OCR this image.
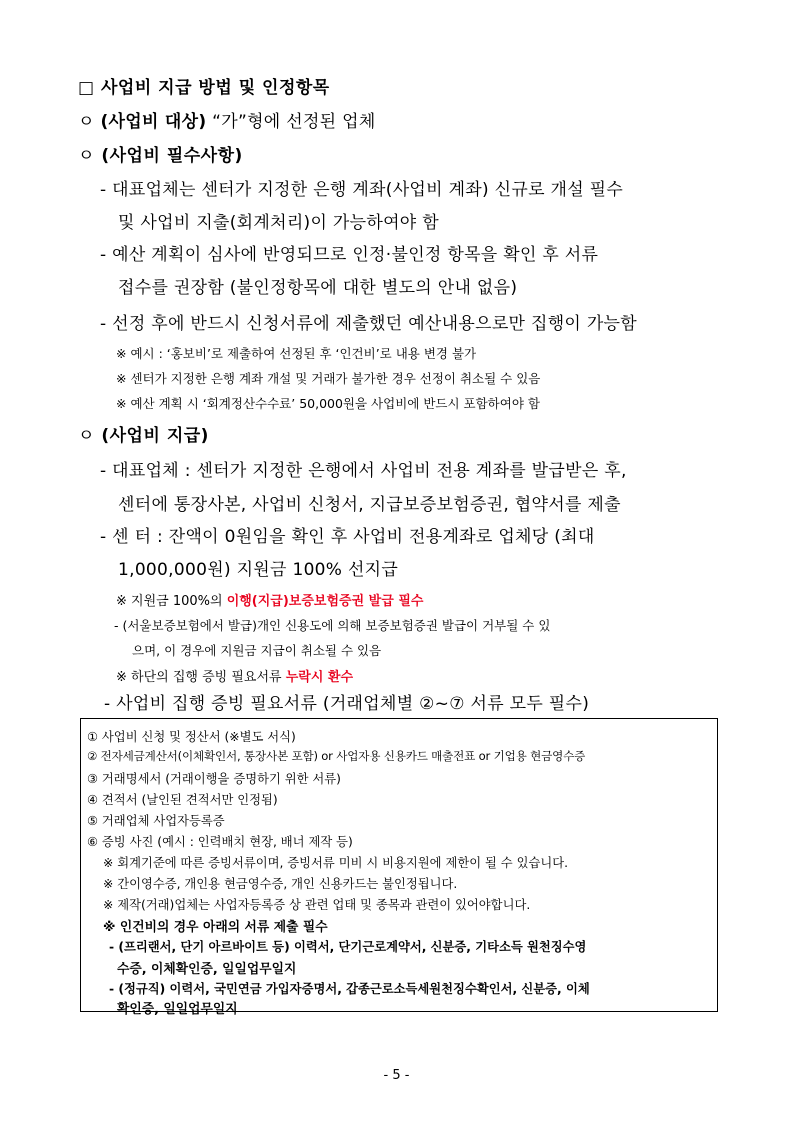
□ 사업비 지급 방법 및 인정항목
ㅇ (사업비 대상) “가”형에 선정된 업체
ㅇ (사업비 필수사항)
- 대표업체는 센터가 지정한 은행 계좌(사업비 계좌) 신규로 개설 필수
및 사업비 지출(회계처리)이 가능하여야 함
- 예산 계획이 심사에 반영되므로 인정·불인정 항목을 확인 후 서류
접수를 권장함 (불인정항목에 대한 별도의 안내 없음)
- 선정 후에 반드시 신청서류에 제출했던 예산내용으로만 집행이 가능함
※ 예시 : ‘홍보비’로 제출하여 선정된 후 ‘인건비’로 내용 변경 불가
※ 센터가 지정한 은행 계좌 개설 및 거래가 불가한 경우 선정이 취소될 수 있음
※ 예산 계획 시 ‘회계정산수수료’ 50,000원을 사업비에 반드시 포함하여야 함
ㅇ (사업비 지급)
- 대표업체 : 센터가 지정한 은행에서 사업비 전용 계좌를 발급받은 후,
센터에 통장사본, 사업비 신청서, 지급보증보험증권, 협약서를 제출
- 센 터 : 잔액이 0원임을 확인 후 사업비 전용계좌로 업체당 (최대
1,000,000원) 지원금 100% 선지급
※ 지원금 100%의 이행(지급)보증보험증권 발급 필수
- (서울보증보험에서 발급)개인 신용도에 의해 보증보험증권 발급이 거부될 수 있
으며, 이 경우에 지원금 지급이 취소될 수 있음
※ 하단의 집행 증빙 필요서류 누락시 환수
- 사업비 집행 증빙 필요서류 (거래업체별 ②~⑦ 서류 모두 필수)
① 사업비 신청 및 정산서 (※별도 서식)
② 전자세금계산서(이체확인서, 통장사본 포함) or 사업자용 신용카드 매출전표 or 기업용 현금영수증
③ 거래명세서 (거래이행을 증명하기 위한 서류)
④ 견적서 (날인된 견적서만 인정됨)
⑤ 거래업체 사업자등록증
⑥ 증빙 사진 (예시 : 인력배치 현장, 배너 제작 등)
※ 회계기준에 따른 증빙서류이며, 증빙서류 미비 시 비용지원에 제한이 될 수 있습니다.
※ 간이영수증, 개인용 현금영수증, 개인 신용카드는 불인정됩니다.
※ 제작(거래)업체는 사업자등록증 상 관련 업태 및 종목과 관련이 있어야합니다.
※ 인건비의 경우 아래의 서류 제출 필수
- (프리랜서, 단기 아르바이트 등) 이력서, 단기근로계약서, 신분증, 기타소득 원천징수영
수증, 이체확인증, 일일업무일지
- (정규직) 이력서, 국민연금 가입자증명서, 갑종근로소득세원천징수확인서, 신분증, 이체
확인증, 일일업무일지
- 5 -
